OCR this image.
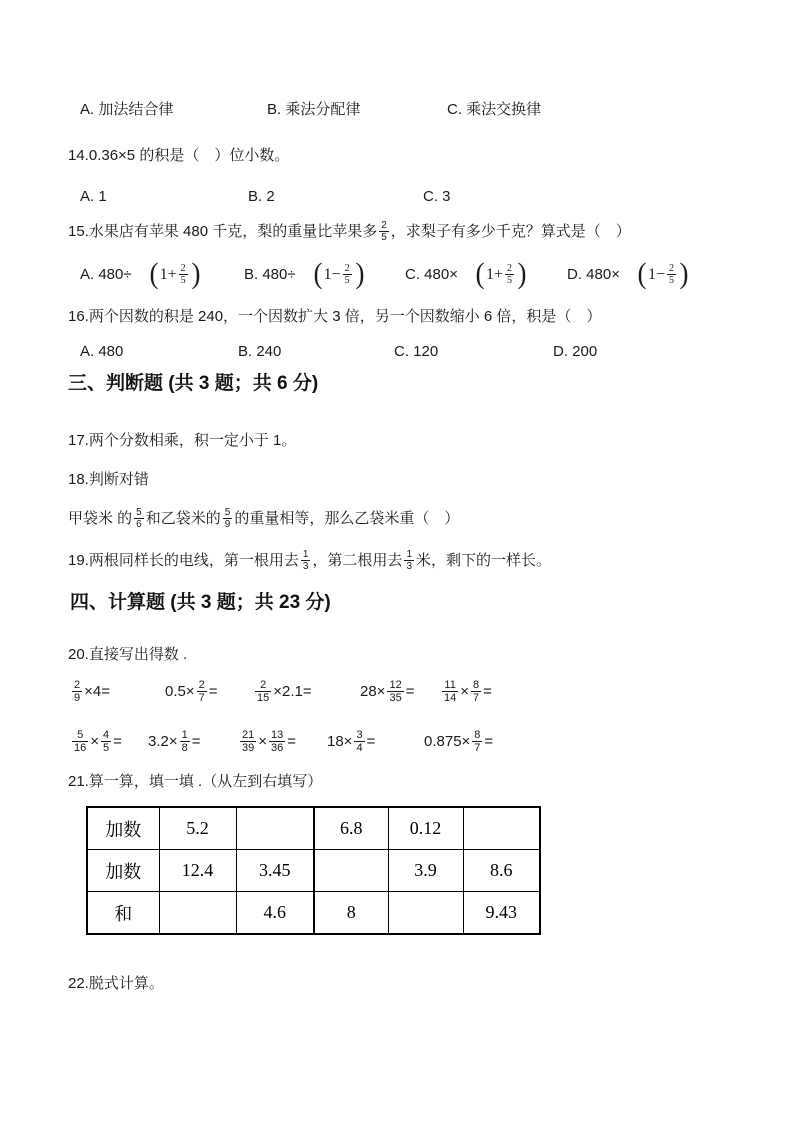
A. 加法结合律	B. 乘法分配律	C. 乘法交换律
14.0.36×5 的积是（　）位小数。
A. 1	B. 2	C. 3
15.水果店有苹果 480 千克，梨的重量比苹果多 $\frac{2}{5}$ ，求梨子有多少千克？算式是（　）
A. 480÷ ( $1+ \frac{2}{5}$ )	B. 480÷ ( $1- \frac{2}{5}$ )	C. 480× ( $1+ \frac{2}{5}$ )	D. 480× ( $1- \frac{2}{5}$ )
16.两个因数的积是 240，一个因数扩大 3 倍，另一个因数缩小 6 倍，积是（　）
A. 480	B. 240	C. 120	D. 200
三、判断题 (共 3 题；共 6 分)
17.两个分数相乘，积一定小于 1。
18.判断对错
甲袋米 的 $\frac{5}{6}$ 和乙袋米的 $\frac{5}{9}$ 的重量相等，那么乙袋米重（　）
19.两根同样长的电线，第一根用去 $\frac{1}{3}$ ，第二根用去 $\frac{1}{3}$ 米，剩下的一样长。
四、计算题 (共 3 题；共 23 分)
20.直接写出得数 .
$\frac{2}{9} \times 4=$	$0.5\times \frac{2}{7}$ =	$\frac{2}{15} \times 2.1=$	$28\times \frac{12}{35}$ =	$\frac{11}{14} \times \frac{8}{7}$ =
$\frac{5}{16} \times \frac{4}{5} = 3.2\times \frac{1}{8}$ =	$\frac{21}{39} \times \frac{13}{36} = 18\times \frac{3}{4}$ =	$0.875\times \frac{8}{7}$ =
21.算一算，填一填 .（从左到右填写）
加数	5.2		6.8	0.12	
加数	12.4	3.45		3.9	8.6
和		4.6	8		9.43
22.脱式计算。
